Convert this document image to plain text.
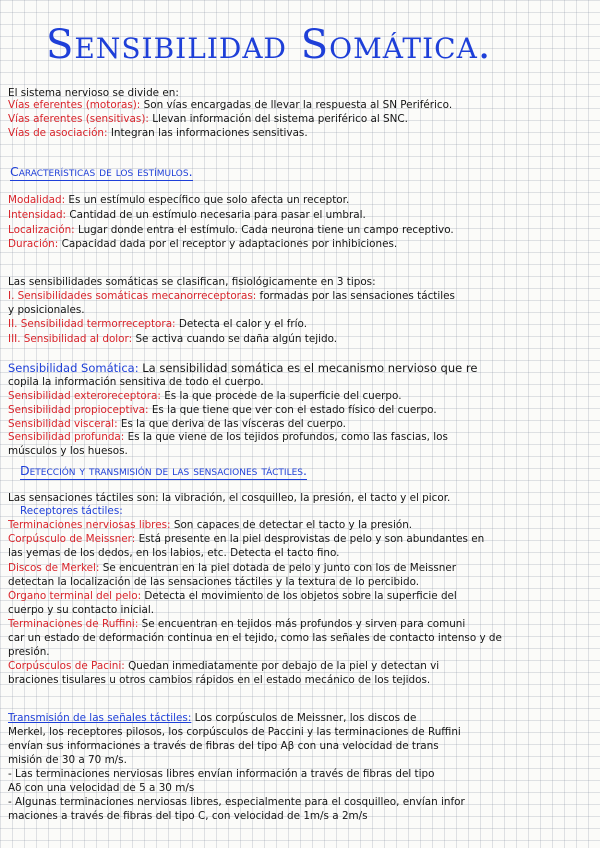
Sensibilidad Somática.
El sistema nervioso se divide en:
Vías eferentes (motoras): Son vías encargadas de llevar la respuesta al SN Periférico.
Vías aferentes (sensitivas): Llevan información del sistema periférico al SNC.
Vías de asociación: Integran las informaciones sensitivas.
Características de los estímulos.
Modalidad: Es un estímulo específico que solo afecta un receptor.
Intensidad: Cantidad de un estímulo necesaria para pasar el umbral.
Localización: Lugar donde entra el estímulo. Cada neurona tiene un campo receptivo.
Duración: Capacidad dada por el receptor y adaptaciones por inhibiciones.
Las sensibilidades somáticas se clasifican, fisiológicamente en 3 tipos:
I. Sensibilidades somáticas mecanorreceptoras: formadas por las sensaciones táctiles
y posicionales.
II. Sensibilidad termorreceptora: Detecta el calor y el frío.
III. Sensibilidad al dolor: Se activa cuando se daña algún tejido.
Sensibilidad Somática: La sensibilidad somática es el mecanismo nervioso que re
copila la información sensitiva de todo el cuerpo.
Sensibilidad exteroreceptora: Es la que procede de la superficie del cuerpo.
Sensibilidad propioceptiva: Es la que tiene que ver con el estado físico del cuerpo.
Sensibilidad visceral: Es la que deriva de las vísceras del cuerpo.
Sensibilidad profunda: Es la que viene de los tejidos profundos, como las fascias, los
músculos y los huesos.
Detección y transmisión de las sensaciones táctiles.
Las sensaciones táctiles son: la vibración, el cosquilleo, la presión, el tacto y el picor.
Receptores táctiles:
Terminaciones nerviosas libres: Son capaces de detectar el tacto y la presión.
Corpúsculo de Meissner: Está presente en la piel desprovistas de pelo y son abundantes en
las yemas de los dedos, en los labios, etc. Detecta el tacto fino.
Discos de Merkel: Se encuentran en la piel dotada de pelo y junto con los de Meissner
detectan la localización de las sensaciones táctiles y la textura de lo percibido.
Órgano terminal del pelo: Detecta el movimiento de los objetos sobre la superficie del
cuerpo y su contacto inicial.
Terminaciones de Ruffini: Se encuentran en tejidos más profundos y sirven para comuni
car un estado de deformación continua en el tejido, como las señales de contacto intenso y de
presión.
Corpúsculos de Pacini: Quedan inmediatamente por debajo de la piel y detectan vi
braciones tisulares u otros cambios rápidos en el estado mecánico de los tejidos.
Transmisión de las señales táctiles: Los corpúsculos de Meissner, los discos de
Merkel, los receptores pilosos, los corpúsculos de Paccini y las terminaciones de Ruffini
envían sus informaciones a través de fibras del tipo Aβ con una velocidad de trans
misión de 30 a 70 m/s.
- Las terminaciones nerviosas libres envían información a través de fibras del tipo
Aδ con una velocidad de 5 a 30 m/s
- Algunas terminaciones nerviosas libres, especialmente para el cosquilleo, envían infor
maciones a través de fibras del tipo C, con velocidad de 1m/s a 2m/s
